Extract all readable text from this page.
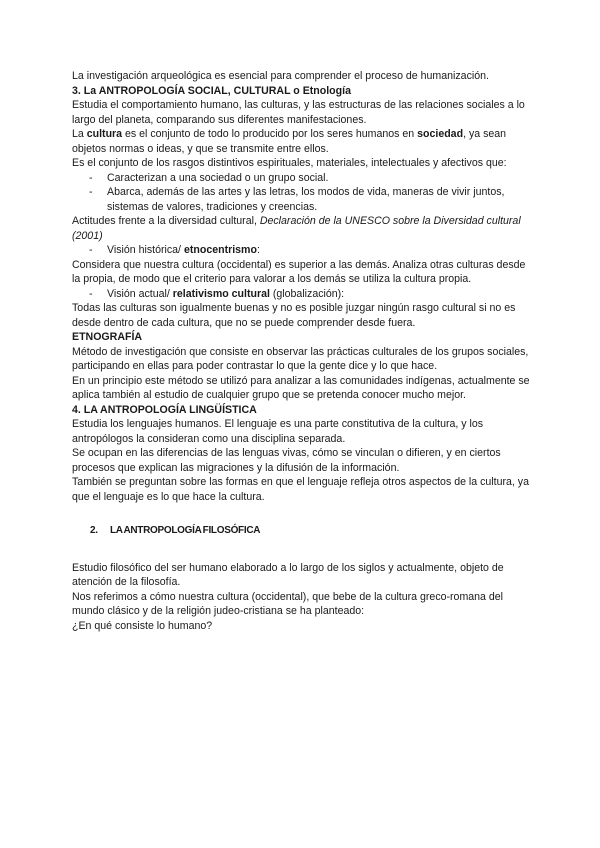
La investigación arqueológica es esencial para comprender el proceso de humanización.

3. La ANTROPOLOGÍA SOCIAL, CULTURAL o Etnología

Estudia el comportamiento humano, las culturas, y las estructuras de las relaciones sociales a lo largo del planeta, comparando sus diferentes manifestaciones.

La cultura es el conjunto de todo lo producido por los seres humanos en sociedad, ya sean objetos normas o ideas, y que se transmite entre ellos.

Es el conjunto de los rasgos distintivos espirituales, materiales, intelectuales y afectivos que:

- Caracterizan a una sociedad o un grupo social.
- Abarca, además de las artes y las letras, los modos de vida, maneras de vivir juntos, sistemas de valores, tradiciones y creencias.

Actitudes frente a la diversidad cultural, Declaración de la UNESCO sobre la Diversidad cultural (2001)

- Visión histórica/ etnocentrismo:

Considera que nuestra cultura (occidental) es superior a las demás. Analiza otras culturas desde la propia, de modo que el criterio para valorar a los demás se utiliza la cultura propia.

- Visión actual/ relativismo cultural (globalización):

Todas las culturas son igualmente buenas y no es posible juzgar ningún rasgo cultural si no es desde dentro de cada cultura, que no se puede comprender desde fuera.

ETNOGRAFÍA

Método de investigación que consiste en observar las prácticas culturales de los grupos sociales, participando en ellas para poder contrastar lo que la gente dice y lo que hace.

En un principio este método se utilizó para analizar a las comunidades indígenas, actualmente se aplica también al estudio de cualquier grupo que se pretenda conocer mucho mejor.

4. LA ANTROPOLOGÍA LINGÜÍSTICA

Estudia los lenguajes humanos. El lenguaje es una parte constitutiva de la cultura, y los antropólogos la consideran como una disciplina separada.

Se ocupan en las diferencias de las lenguas vivas, cómo se vinculan o difieren, y en ciertos procesos que explican las migraciones y la difusión de la información.

También se preguntan sobre las formas en que el lenguaje refleja otros aspectos de la cultura, ya que el lenguaje es lo que hace la cultura.

2. LA ANTROPOLOGÍA FILOSÓFICA

Estudio filosófico del ser humano elaborado a lo largo de los siglos y actualmente, objeto de atención de la filosofía.

Nos referimos a cómo nuestra cultura (occidental), que bebe de la cultura greco-romana del mundo clásico y de la religión judeo-cristiana se ha planteado:

¿En qué consiste lo humano?
